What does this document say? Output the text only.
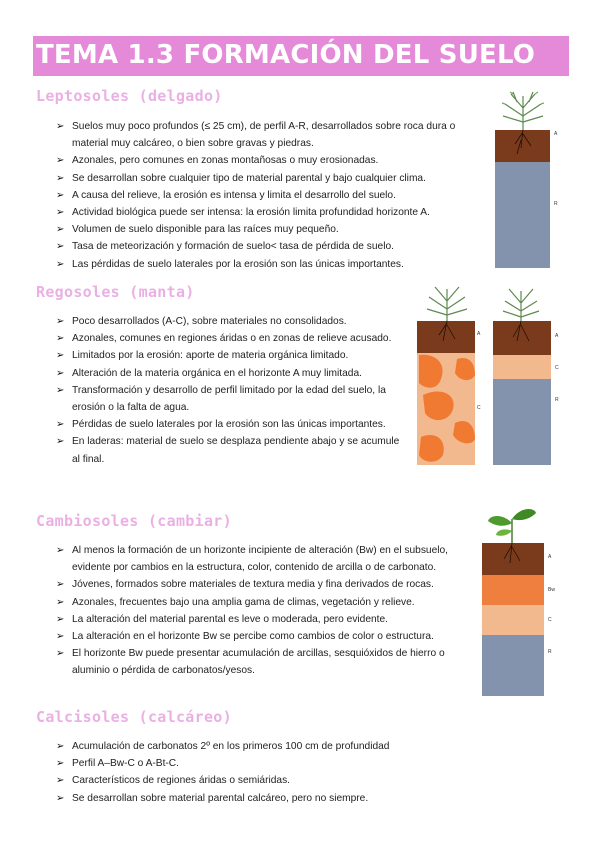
TEMA 1.3 FORMACIÓN DEL SUELO
Leptosoles (delgado)
➢ Suelos muy poco profundos (≤ 25 cm), de perfil A-R, desarrollados sobre roca dura o material muy calcáreo, o bien sobre gravas y piedras.
➢ Azonales, pero comunes en zonas montañosas o muy erosionadas.
➢ Se desarrollan sobre cualquier tipo de material parental y bajo cualquier clima.
➢ A causa del relieve, la erosión es intensa y limita el desarrollo del suelo.
➢ Actividad biológica puede ser intensa: la erosión limita profundidad horizonte A.
➢ Volumen de suelo disponible para las raíces muy pequeño.
➢ Tasa de meteorización y formación de suelo< tasa de pérdida de suelo.
➢ Las pérdidas de suelo laterales por la erosión son las únicas importantes.
A
R
Regosoles (manta)
➢ Poco desarrollados (A-C), sobre materiales no consolidados.
➢ Azonales, comunes en regiones áridas o en zonas de relieve acusado.
➢ Limitados por la erosión: aporte de materia orgánica limitado.
➢ Alteración de la materia orgánica en el horizonte A muy limitada.
➢ Transformación y desarrollo de perfil limitado por la edad del suelo, la erosión o la falta de agua.
➢ Pérdidas de suelo laterales por la erosión son las únicas importantes.
➢ En laderas: material de suelo se desplaza pendiente abajo y se acumule al final.
A
C
A
C
R
Cambiosoles (cambiar)
➢ Al menos la formación de un horizonte incipiente de alteración (Bw) en el subsuelo, evidente por cambios en la estructura, color, contenido de arcilla o de carbonato.
➢ Jóvenes, formados sobre materiales de textura media y fina derivados de rocas.
➢ Azonales, frecuentes bajo una amplia gama de climas, vegetación y relieve.
➢ La alteración del material parental es leve o moderada, pero evidente.
➢ La alteración en el horizonte Bw se percibe como cambios de color o estructura.
➢ El horizonte Bw puede presentar acumulación de arcillas, sesquióxidos de hierro o aluminio o pérdida de carbonatos/yesos.
A
Bw
C
R
Calcisoles (calcáreo)
➢ Acumulación de carbonatos 2º en los primeros 100 cm de profundidad
➢ Perfil A–Bw-C o A-Bt-C.
➢ Característicos de regiones áridas o semiáridas.
➢ Se desarrollan sobre material parental calcáreo, pero no siempre.
